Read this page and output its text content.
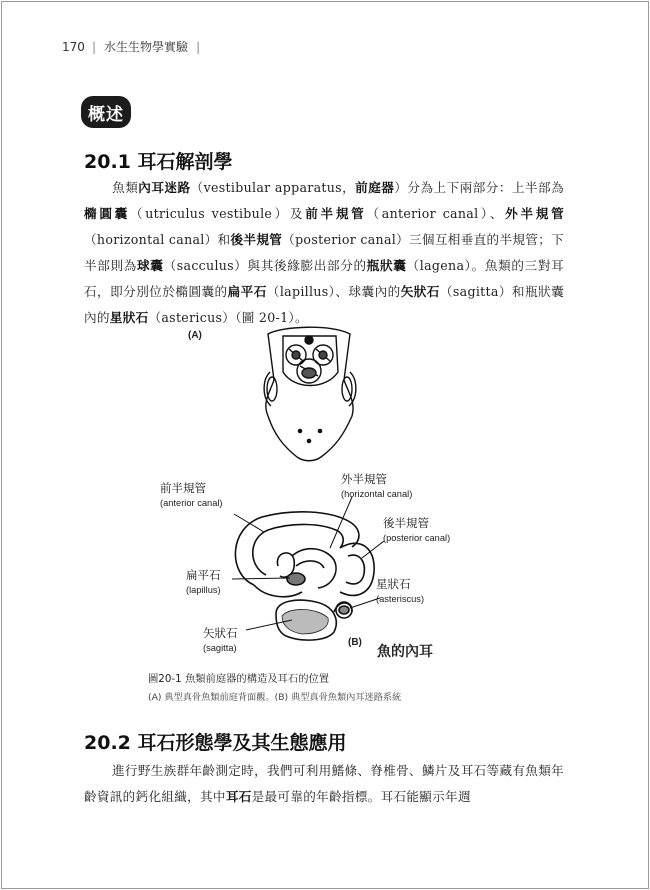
170 | 水生生物學實驗 |
概述
20.1 耳石解剖學

魚類內耳迷路（vestibular apparatus，前庭器）分為上下兩部分：上半部為橢圓囊（utriculus vestibule）及前半規管（anterior canal）、外半規管（horizontal canal）和後半規管（posterior canal）三個互相垂直的半規管；下半部則為球囊（sacculus）與其後緣膨出部分的瓶狀囊（lagena）。魚類的三對耳石，即分別位於橢圓囊的扁平石（lapillus）、球囊內的矢狀石（sagitta）和瓶狀囊內的星狀石（astericus）（圖 20-1）。

(A)
(B)
前半規管
(anterior canal)
外半規管
(horizontal canal)
後半規管
(posterior canal)
扁平石
(lapillus)	星狀石
(asteriscus)
矢狀石
(sagitta)	魚的內耳
圖20-1 魚類前庭器的構造及耳石的位置
(A) 典型真骨魚類前庭背面觀。(B) 典型真骨魚類內耳迷路系統
20.2 耳石形態學及其生態應用

進行野生族群年齡測定時，我們可利用鰭條、脊椎骨、鱗片及耳石等藏有魚類年齡資訊的鈣化組織，其中耳石是最可靠的年齡指標。耳石能顯示年週
